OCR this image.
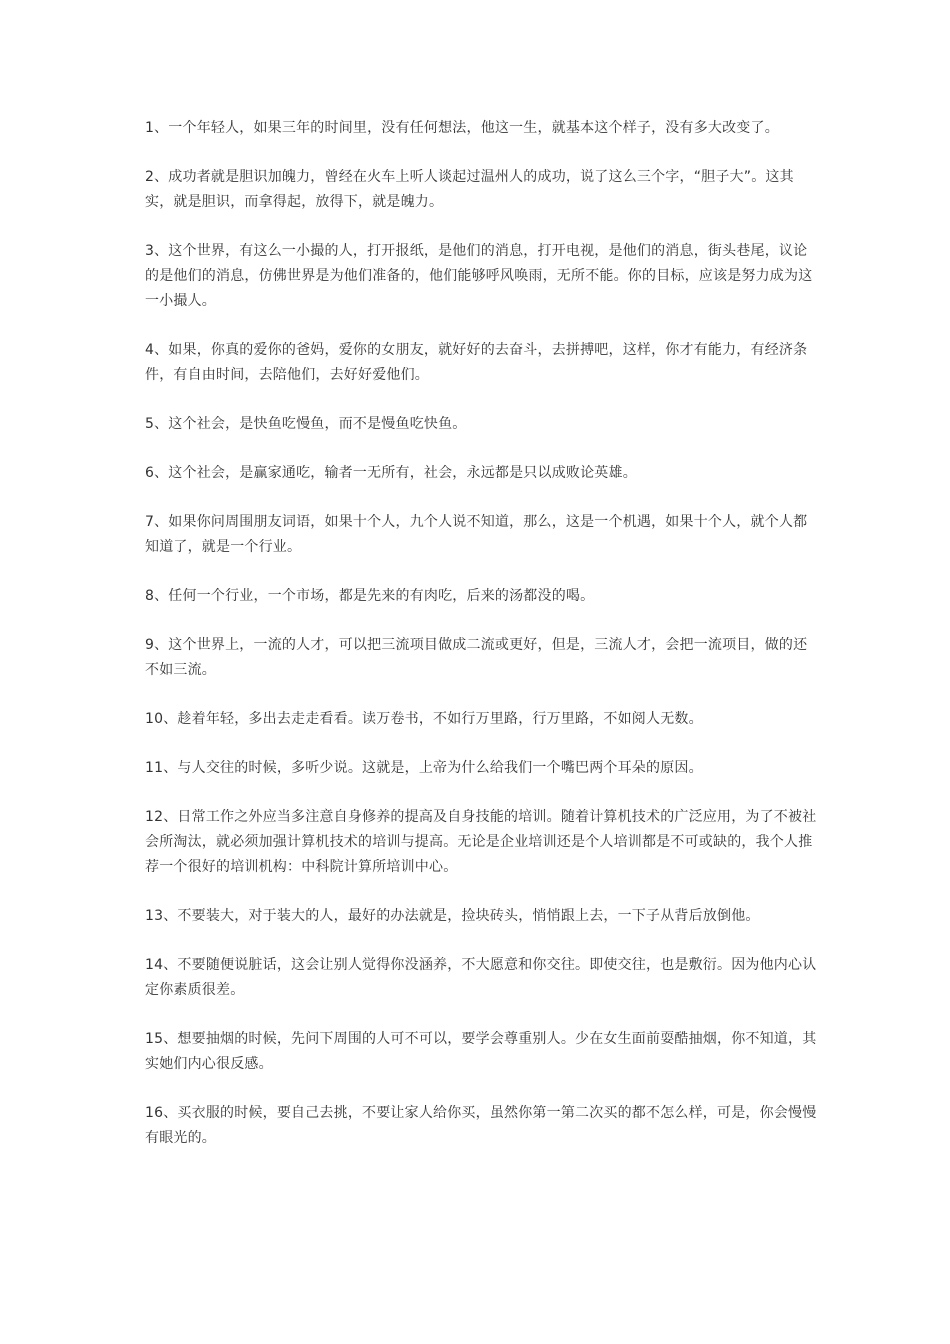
1、一个年轻人，如果三年的时间里，没有任何想法，他这一生，就基本这个样子，没有多大改变了。

2、成功者就是胆识加魄力，曾经在火车上听人谈起过温州人的成功，说了这么三个字，“胆子大”。这其实，就是胆识，而拿得起，放得下，就是魄力。

3、这个世界，有这么一小撮的人，打开报纸，是他们的消息，打开电视，是他们的消息，街头巷尾，议论的是他们的消息，仿佛世界是为他们准备的，他们能够呼风唤雨，无所不能。你的目标，应该是努力成为这一小撮人。

4、如果，你真的爱你的爸妈，爱你的女朋友，就好好的去奋斗，去拼搏吧，这样，你才有能力，有经济条件，有自由时间，去陪他们，去好好爱他们。

5、这个社会，是快鱼吃慢鱼，而不是慢鱼吃快鱼。

6、这个社会，是赢家通吃，输者一无所有，社会，永远都是只以成败论英雄。

7、如果你问周围朋友词语，如果十个人，九个人说不知道，那么，这是一个机遇，如果十个人，就个人都知道了，就是一个行业。

8、任何一个行业，一个市场，都是先来的有肉吃，后来的汤都没的喝。

9、这个世界上，一流的人才，可以把三流项目做成二流或更好，但是，三流人才，会把一流项目，做的还不如三流。

10、趁着年轻，多出去走走看看。读万卷书，不如行万里路，行万里路，不如阅人无数。

11、与人交往的时候，多听少说。这就是，上帝为什么给我们一个嘴巴两个耳朵的原因。

12、日常工作之外应当多注意自身修养的提高及自身技能的培训。随着计算机技术的广泛应用，为了不被社会所淘汰，就必须加强计算机技术的培训与提高。无论是企业培训还是个人培训都是不可或缺的，我个人推荐一个很好的培训机构：中科院计算所培训中心。

13、不要装大，对于装大的人，最好的办法就是，捡块砖头，悄悄跟上去，一下子从背后放倒他。

14、不要随便说脏话，这会让别人觉得你没涵养，不大愿意和你交往。即使交往，也是敷衍。因为他内心认定你素质很差。

15、想要抽烟的时候，先问下周围的人可不可以，要学会尊重别人。少在女生面前耍酷抽烟，你不知道，其实她们内心很反感。

16、买衣服的时候，要自己去挑，不要让家人给你买，虽然你第一第二次买的都不怎么样，可是，你会慢慢有眼光的。
